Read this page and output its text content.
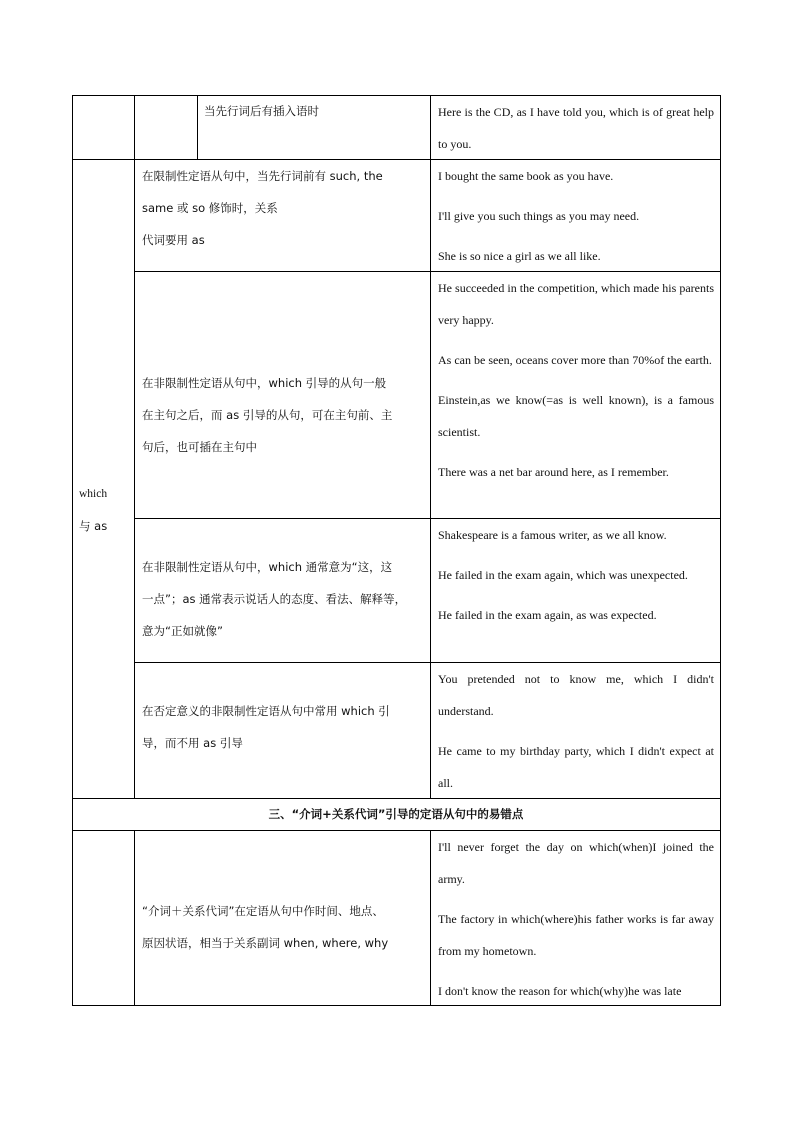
当先行词后有插入语时	Here is the CD, as I have told you, which is of great help to you.
which
与 as
在限制性定语从句中，当先行词前有 such, the
same 或 so 修饰时，关系
代词要用 as
I bought the same book as you have.
I'll give you such things as you may need.
She is so nice a girl as we all like.
在非限制性定语从句中，which 引导的从句一般
在主句之后，而 as 引导的从句，可在主句前、主
句后，也可插在主句中
He succeeded in the competition, which made his parents very happy.
As can be seen, oceans cover more than 70%of the earth.
Einstein,as we know(=as is well known), is a famous scientist.
There was a net bar around here, as I remember.
在非限制性定语从句中，which 通常意为“这，这
一点”；as 通常表示说话人的态度、看法、解释等，
意为“正如就像”
Shakespeare is a famous writer, as we all know.
He failed in the exam again, which was unexpected.
He failed in the exam again, as was expected.
在否定意义的非限制性定语从句中常用 which 引
导，而不用 as 引导
You pretended not to know me, which I didn't understand.
He came to my birthday party, which I didn't expect at all.
三、“介词+关系代词”引导的定语从句中的易错点
“介词＋关系代词”在定语从句中作时间、地点、
原因状语，相当于关系副词 when, where, why
I'll never forget the day on which(when)I joined the army.
The factory in which(where)his father works is far away from my hometown.
I don't know the reason for which(why)he was late
